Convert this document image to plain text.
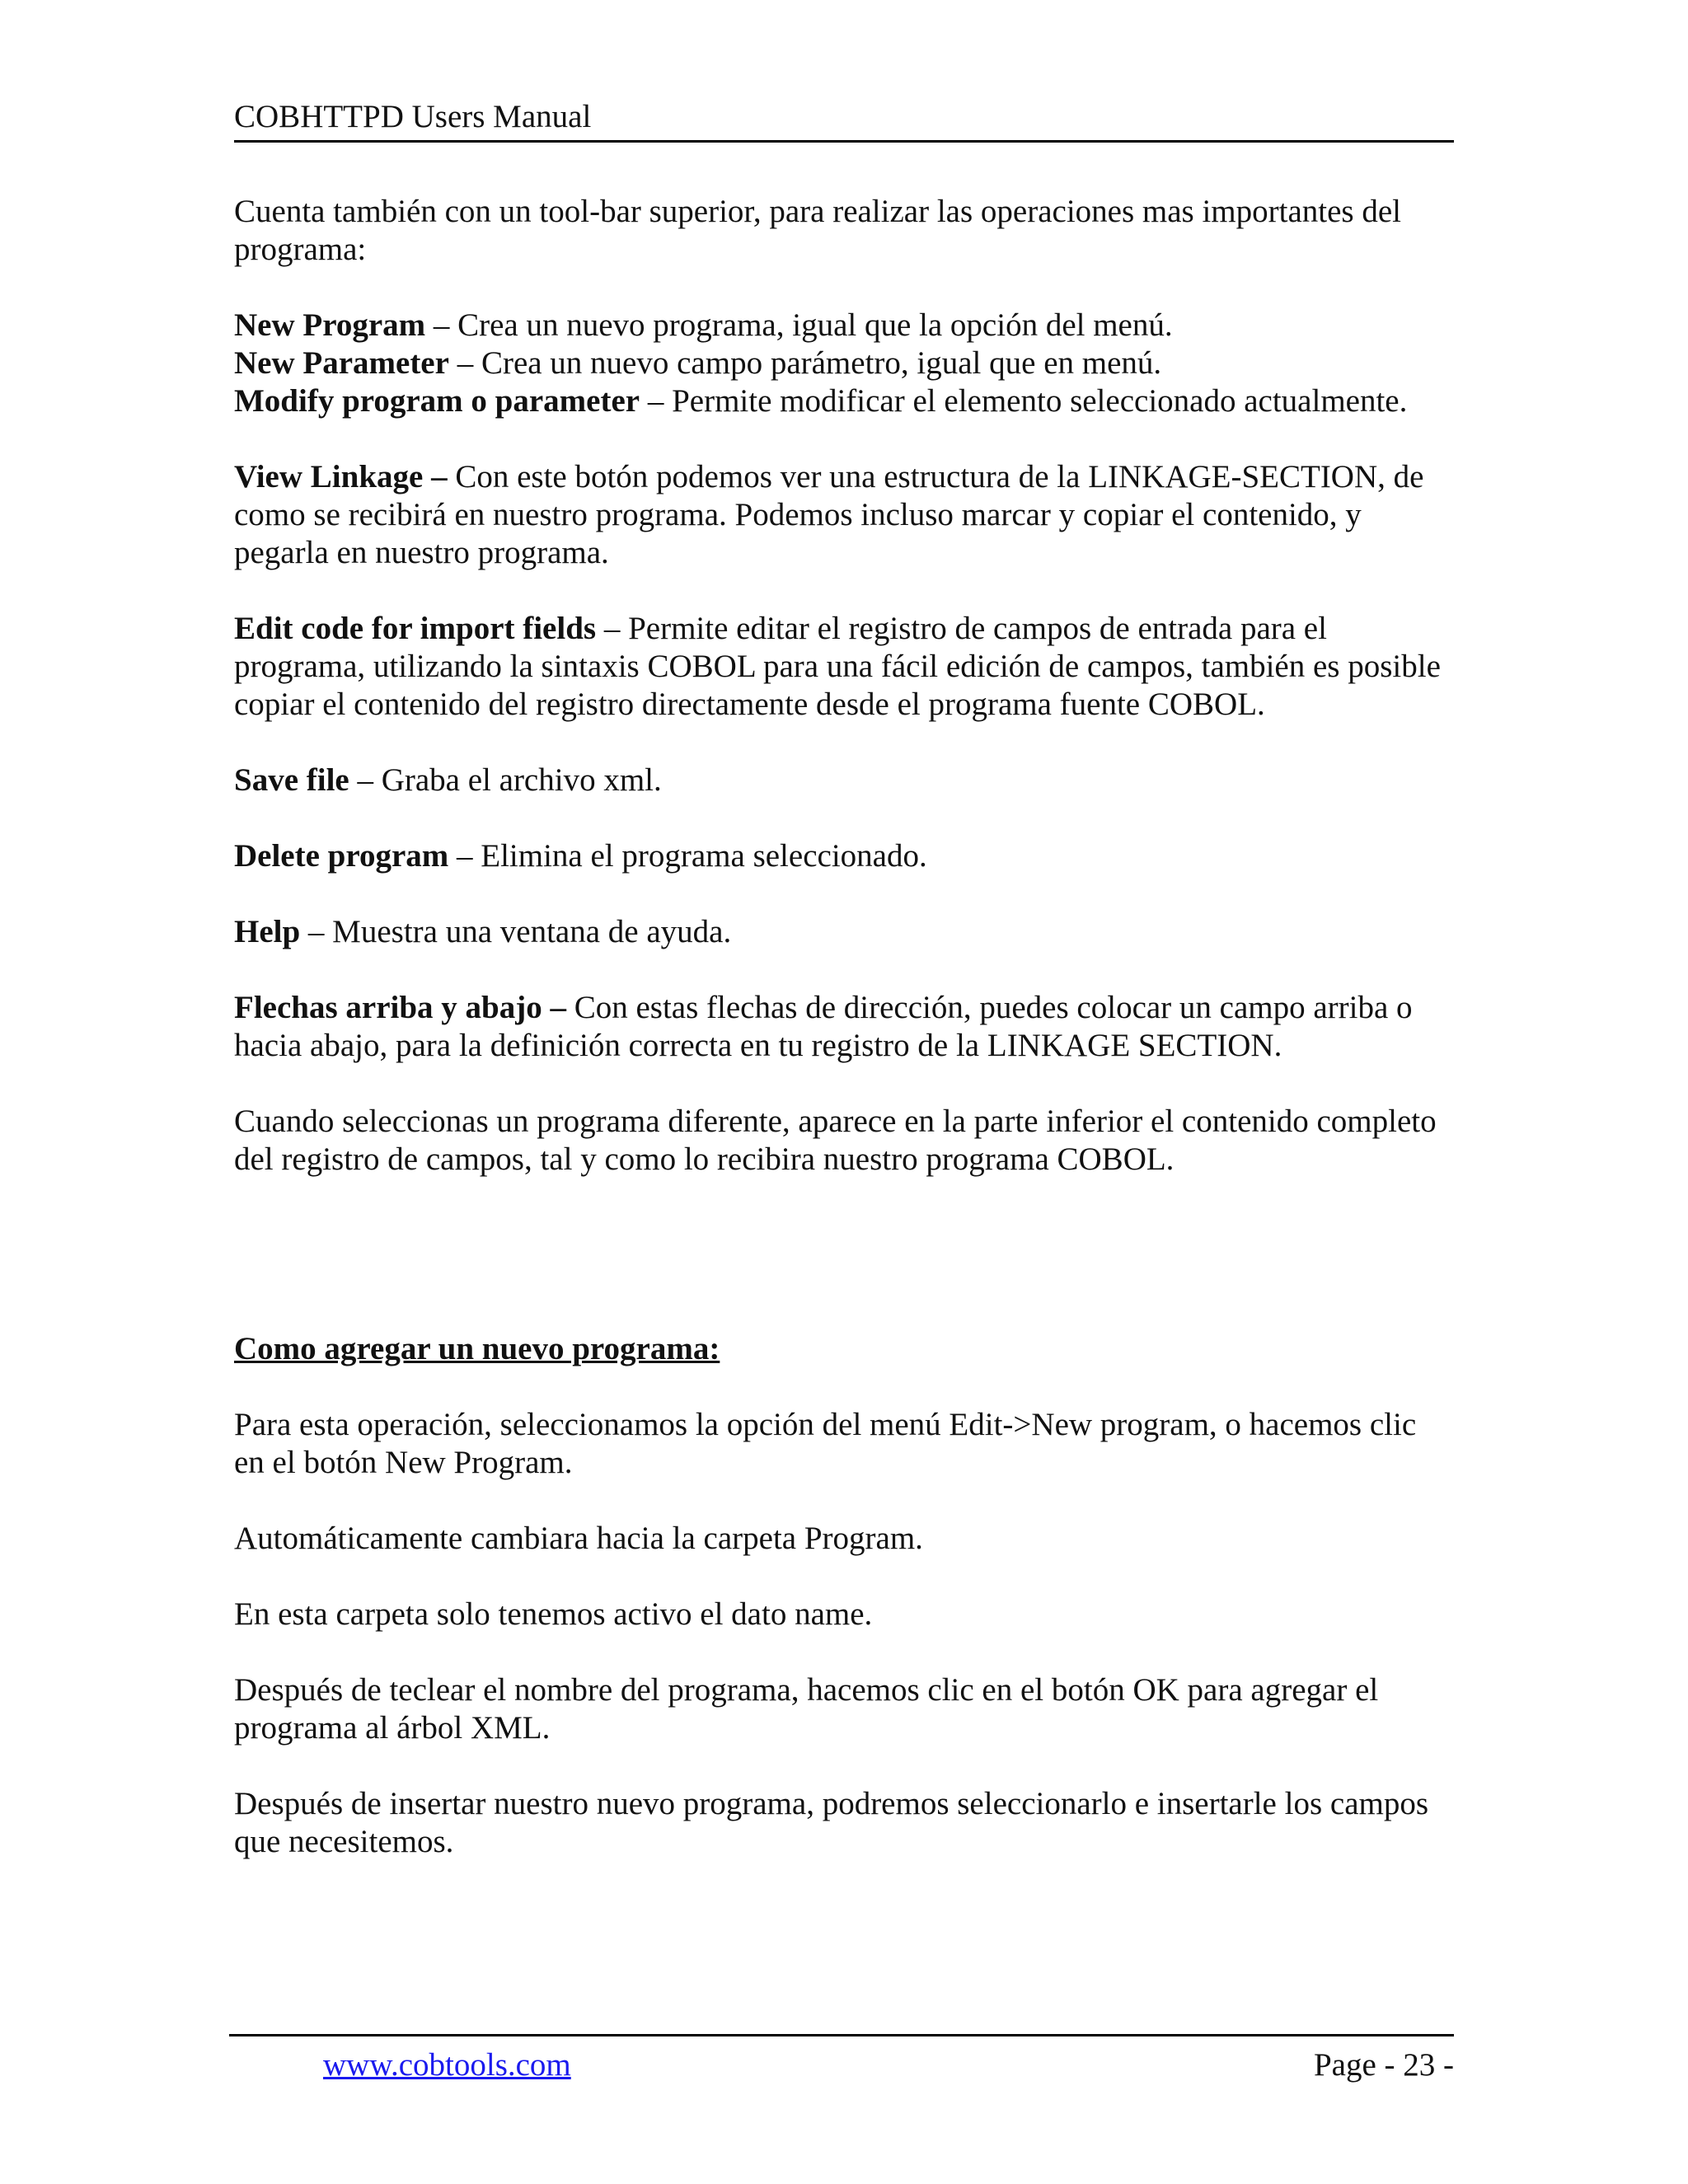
COBHTTPD Users Manual

Cuenta también con un tool-bar superior, para realizar las operaciones mas importantes del programa:

New Program – Crea un nuevo programa, igual que la opción del menú.

New Parameter – Crea un nuevo campo parámetro, igual que en menú.

Modify program o parameter – Permite modificar el elemento seleccionado actualmente.

View Linkage – Con este botón podemos ver una estructura de la LINKAGE-SECTION, de como se recibirá en nuestro programa. Podemos incluso marcar y copiar el contenido, y pegarla en nuestro programa.

Edit code for import fields – Permite editar el registro de campos de entrada para el programa, utilizando la sintaxis COBOL para una fácil edición de campos, también es posible copiar el contenido del registro directamente desde el programa fuente COBOL.

Save file – Graba el archivo xml.

Delete program – Elimina el programa seleccionado.

Help – Muestra una ventana de ayuda.

Flechas arriba y abajo – Con estas flechas de dirección, puedes colocar un campo arriba o hacia abajo, para la definición correcta en tu registro de la LINKAGE SECTION.

Cuando seleccionas un programa diferente, aparece en la parte inferior el contenido completo del registro de campos, tal y como lo recibira nuestro programa COBOL.

Como agregar un nuevo programa:

Para esta operación, seleccionamos la opción del menú Edit->New program, o hacemos clic en el botón New Program.

Automáticamente cambiara hacia la carpeta Program.

En esta carpeta solo tenemos activo el dato name.

Después de teclear el nombre del programa, hacemos clic en el botón OK para agregar el programa al árbol XML.

Después de insertar nuestro nuevo programa, podremos seleccionarlo e insertarle los campos que necesitemos.

www.cobtools.com	Page - 23 -
